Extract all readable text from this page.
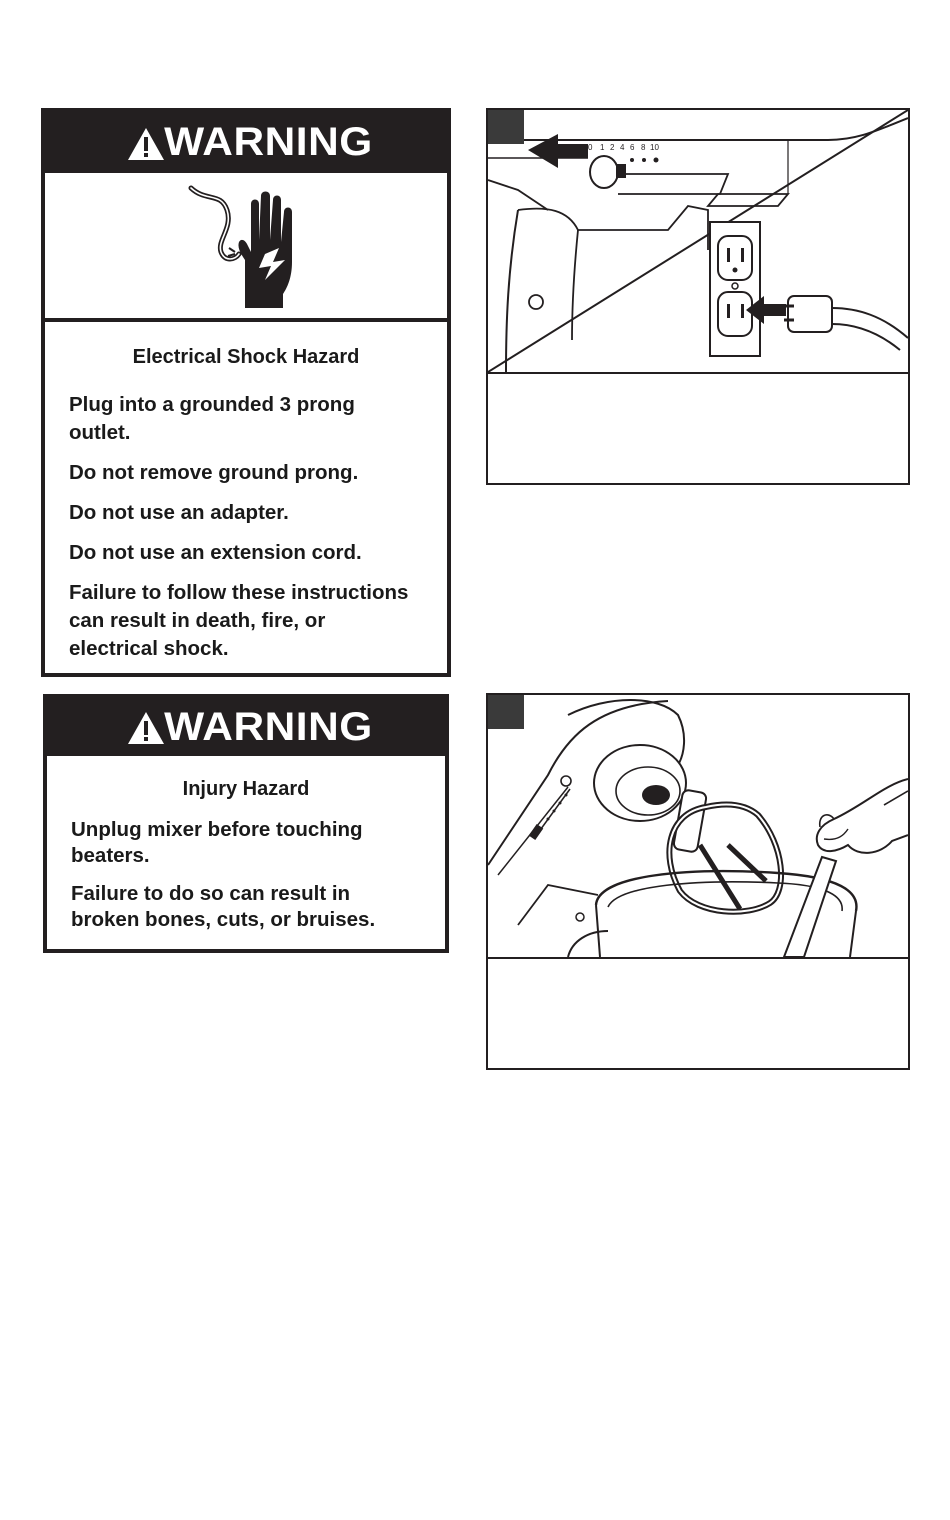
WARNING
Electrical Shock Hazard

Plug into a grounded 3 prong outlet.

Do not remove ground prong.

Do not use an adapter.

Do not use an extension cord.

Failure to follow these instructions can result in death, fire, or electrical shock.

WARNING
Injury Hazard

Unplug mixer before touching beaters.

Failure to do so can result in broken bones, cuts, or bruises.

0 1 2 4 6 8 10
